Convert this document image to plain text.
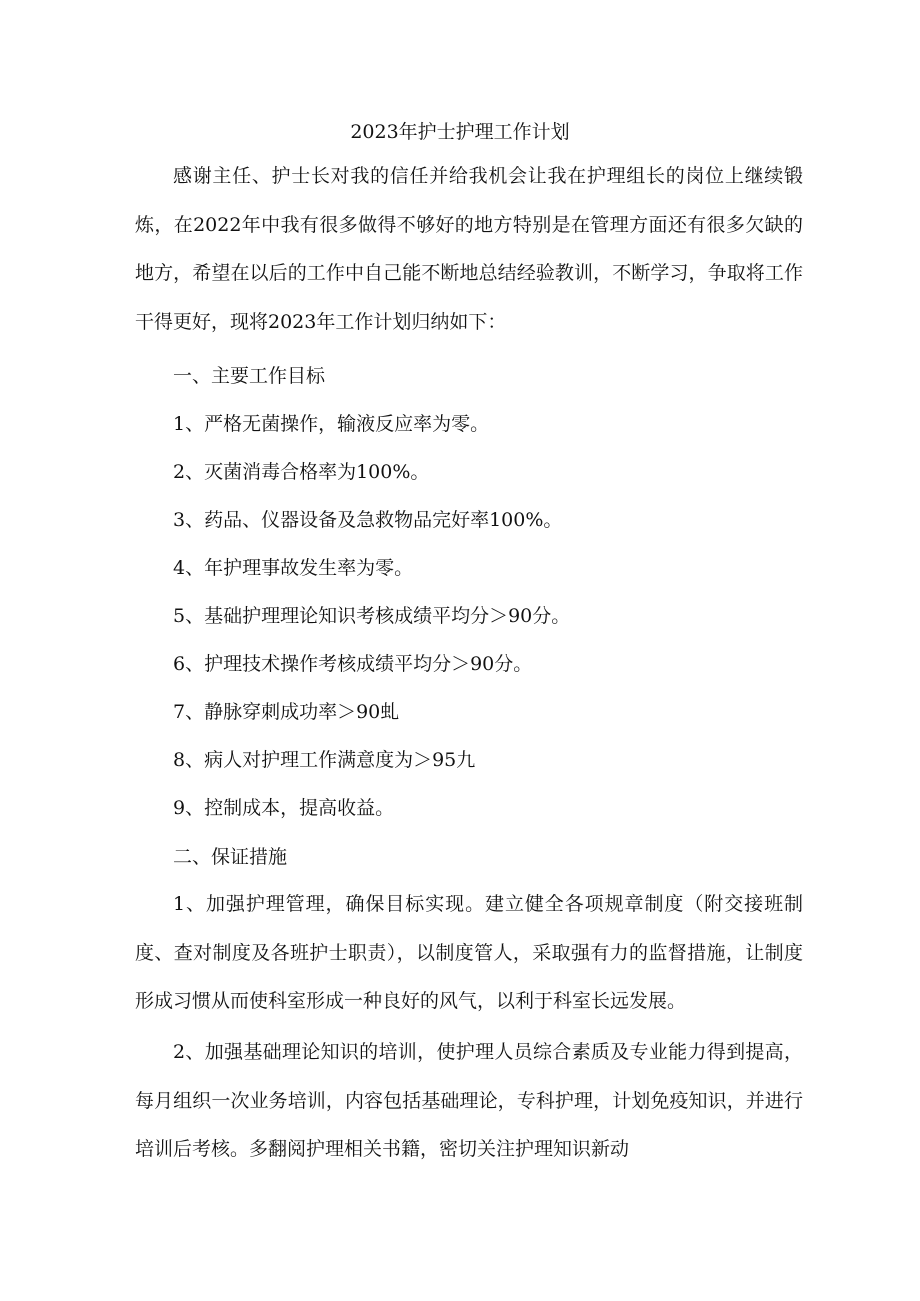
2023年护士护理工作计划

感谢主任、护士长对我的信任并给我机会让我在护理组长的岗位上继续锻炼，在2022年中我有很多做得不够好的地方特别是在管理方面还有很多欠缺的地方，希望在以后的工作中自己能不断地总结经验教训，不断学习，争取将工作干得更好，现将2023年工作计划归纳如下：

一、主要工作目标
1、严格无菌操作，输液反应率为零。
2、灭菌消毒合格率为100%。
3、药品、仪器设备及急救物品完好率100%。
4、年护理事故发生率为零。
5、基础护理理论知识考核成绩平均分＞90分。
6、护理技术操作考核成绩平均分＞90分。
7、静脉穿刺成功率＞90虬
8、病人对护理工作满意度为＞95九
9、控制成本，提高收益。
二、保证措施

1、加强护理管理，确保目标实现。建立健全各项规章制度（附交接班制度、查对制度及各班护士职责），以制度管人，采取强有力的监督措施，让制度形成习惯从而使科室形成一种良好的风气，以利于科室长远发展。

2、加强基础理论知识的培训，使护理人员综合素质及专业能力得到提高，每月组织一次业务培训，内容包括基础理论，专科护理，计划免疫知识，并进行培训后考核。多翻阅护理相关书籍，密切关注护理知识新动
